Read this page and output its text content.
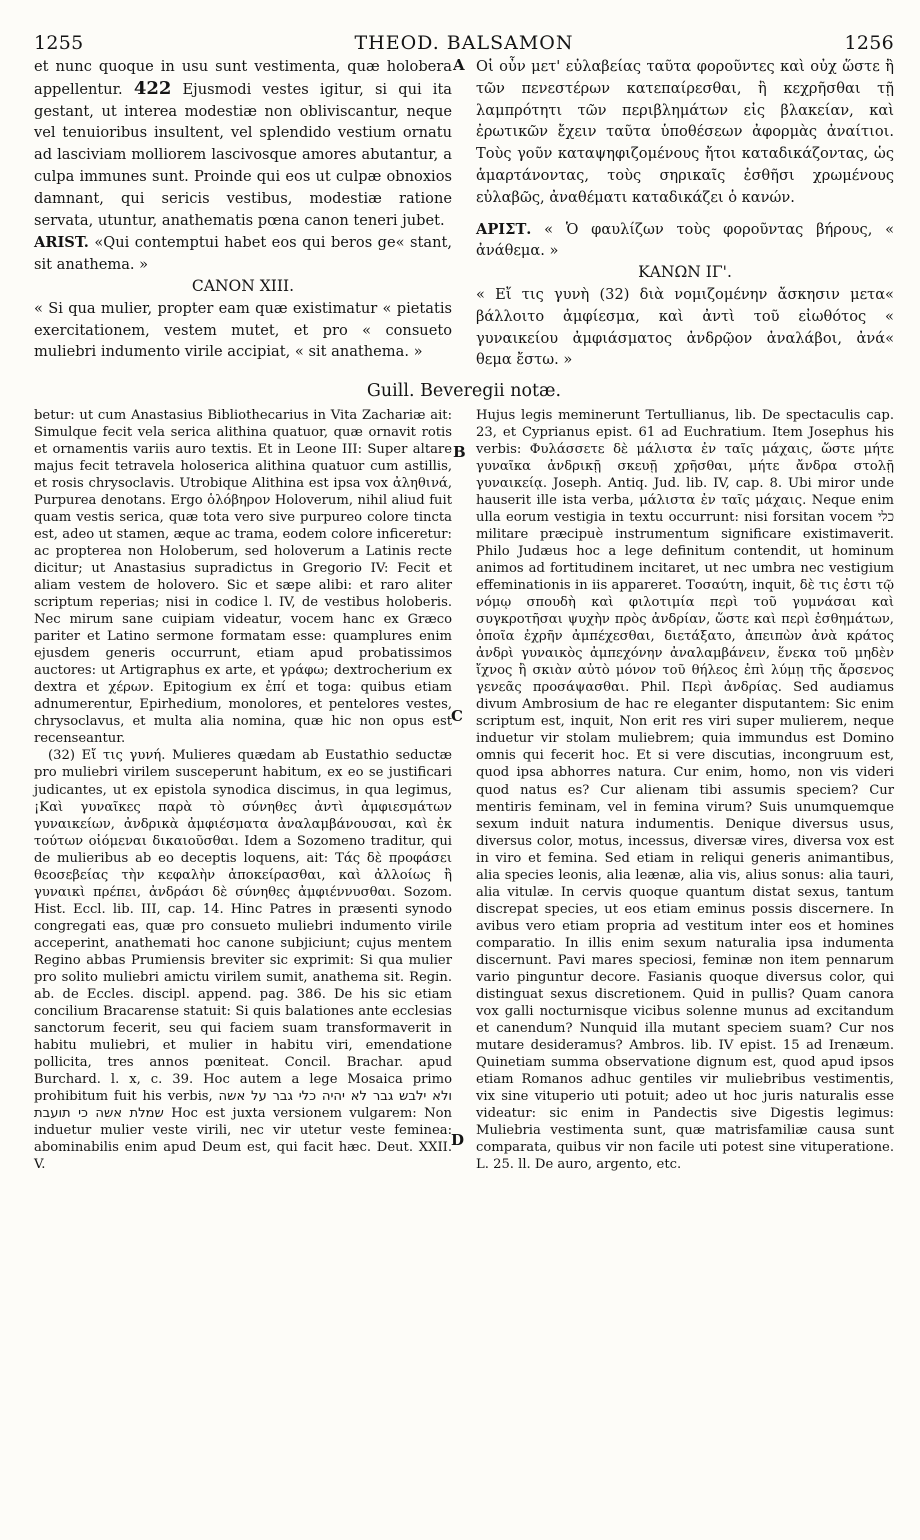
1255	THEOD. BALSAMON	1256

et nunc quoque in usu sunt vestimenta, quæ holobera appellentur. 422 Ejusmodi vestes igitur, si qui ita gestant, ut interea modestiæ non obliviscantur, neque vel tenuioribus insultent, vel splendido vestium ornatu ad lasciviam molliorem lascivosque amores abutantur, a culpa immunes sunt. Proinde qui eos ut culpæ obnoxios damnant, qui sericis vestibus, modestiæ ratione servata, utuntur, anathematis pœna canon teneri jubet.

ARIST. «Qui contemptui habet eos qui beros ge« stant, sit anathema. »

CANON XIII.

« Si qua mulier, propter eam quæ existimatur « pietatis exercitationem, vestem mutet, et pro « consueto muliebri indumento virile accipiat, « sit anathema. »

Οἱ οὖν μετ' εὐλαβείας ταῦτα φοροῦντες καὶ οὐχ ὥστε ἢ τῶν πενεστέρων κατεπαίρεσθαι, ἢ κεχρῆσθαι τῇ λαμπρότητι τῶν περιβλημάτων εἰς βλακείαν, καὶ ἐρωτικῶν ἔχειν ταῦτα ὑποθέσεων ἀφορμὰς ἀναίτιοι. Τοὺς γοῦν καταψηφιζομένους ἤτοι καταδικάζοντας, ὡς ἁμαρτάνοντας, τοὺς σηρικαῖς ἐσθῆσι χρωμένους εὐλαβῶς, ἀναθέματι καταδικάζει ὁ κανών.

ΑΡΙΣΤ. « Ὁ φαυλίζων τοὺς φοροῦντας βήρους, « ἀνάθεμα. »

ΚΑΝΩΝ ΙΓ'.

« Εἴ τις γυνὴ (32) διὰ νομιζομένην ἄσκησιν μετα« βάλλοιτο ἀμφίεσμα, καὶ ἀντὶ τοῦ εἰωθότος « γυναικείου ἀμφιάσματος ἀνδρῷον ἀναλάβοι, ἀνά« θεμα ἔστω. »

A
B
Guill. Beveregii notæ.

betur: ut cum Anastasius Bibliothecarius in Vita Zachariæ ait: Simulque fecit vela serica alithina quatuor, quæ ornavit rotis et ornamentis variis auro textis. Et in Leone III: Super altare majus fecit tetravela holoserica alithina quatuor cum astillis, et rosis chrysoclavis. Utrobique Alithina est ipsa vox ἀληθινά, Purpurea denotans. Ergo ὁλόβηρον Holoverum, nihil aliud fuit quam vestis serica, quæ tota vero sive purpureo colore tincta est, adeo ut stamen, æque ac trama, eodem colore inficeretur: ac propterea non Holoberum, sed holoverum a Latinis recte dicitur; ut Anastasius supradictus in Gregorio IV: Fecit et aliam vestem de holovero. Sic et sæpe alibi: et raro aliter scriptum reperias; nisi in codice l. IV, de vestibus holoberis. Nec mirum sane cuipiam videatur, vocem hanc ex Græco pariter et Latino sermone formatam esse: quamplures enim ejusdem generis occurrunt, etiam apud probatissimos auctores: ut Artigraphus ex arte, et γράφω; dextrocherium ex dextra et χέρων. Epitogium ex ἐπί et toga: quibus etiam adnumerentur, Epirhedium, monolores, et pentelores vestes, chrysoclavus, et multa alia nomina, quæ hic non opus est recenseantur.

(32) Εἴ τις γυνή. Mulieres quædam ab Eustathio seductæ pro muliebri virilem susceperunt habitum, ex eo se justificari judicantes, ut ex epistola synodica discimus, in qua legimus, ¡Καὶ γυναῖκες παρὰ τὸ σύνηθες ἀντὶ ἀμφιεσμάτων γυναικείων, ἀνδρικὰ ἀμφιέσματα ἀναλαμβάνουσαι, καὶ ἐκ τούτων οἰόμεναι δικαιοῦσθαι. Idem a Sozomeno traditur, qui de mulieribus ab eo deceptis loquens, ait: Τάς δὲ προφάσει θεοσεβείας τὴν κεφαλὴν ἀποκείρασθαι, καὶ ἀλλοίως ἢ γυναικὶ πρέπει, ἀνδράσι δὲ σύνηθες ἀμφιέννυσθαι. Sozom. Hist. Eccl. lib. III, cap. 14. Hinc Patres in præsenti synodo congregati eas, quæ pro consueto muliebri indumento virile acceperint, anathemati hoc canone subjiciunt; cujus mentem Regino abbas Prumiensis breviter sic exprimit: Si qua mulier pro solito muliebri amictu virilem sumit, anathema sit. Regin. ab. de Eccles. discipl. append. pag. 386. De his sic etiam concilium Bracarense statuit: Si quis balationes ante ecclesias sanctorum fecerit, seu qui faciem suam transformaverit in habitu muliebri, et mulier in habitu viri, emendatione pollicita, tres annos pœniteat. Concil. Brachar. apud Burchard. l. x, c. 39. Hoc autem a lege Mosaica primo prohibitum fuit his verbis, לא יהיה כלי גבר על אשה ולא ילבש גבר שמלת אשה כי תועבת Hoc est juxta versionem vulgarem: Non induetur mulier veste virili, nec vir utetur veste feminea: abominabilis enim apud Deum est, qui facit hæc. Deut. XXII. V.

Hujus legis meminerunt Tertullianus, lib. De spectaculis cap. 23, et Cyprianus epist. 61 ad Euchratium. Item Josephus his verbis: Φυλάσσετε δὲ μάλιστα ἐν ταῖς μάχαις, ὥστε μήτε γυναῖκα ἀνδρικῇ σκευῇ χρῆσθαι, μήτε ἄνδρα στολῇ γυναικείᾳ. Joseph. Antiq. Jud. lib. IV, cap. 8. Ubi miror unde hauserit ille ista verba, μάλιστα ἐν ταῖς μάχαις. Neque enim ulla eorum vestigia in textu occurrunt: nisi forsitan vocem כלי militare præcipuè instrumentum significare existimaverit. Philo Judæus hoc a lege definitum contendit, ut hominum animos ad fortitudinem incitaret, ut nec umbra nec vestigium effeminationis in iis appareret. Τοσαύτη, inquit, δὲ τις ἐστι τῷ νόμῳ σπουδὴ καὶ φιλοτιμία περὶ τοῦ γυμνάσαι καὶ συγκροτῆσαι ψυχὴν πρὸς ἀνδρίαν, ὥστε καὶ περὶ ἐσθημάτων, ὁποῖα ἐχρῆν ἀμπέχεσθαι, διετάξατο, ἀπειπὼν ἀνὰ κράτος ἀνδρὶ γυναικὸς ἀμπεχόνην ἀναλαμβάνειν, ἕνεκα τοῦ μηδὲν ἴχνος ἢ σκιὰν αὐτὸ μόνον τοῦ θήλεος ἐπὶ λύμῃ τῆς ἄρσενος γενεᾶς προσάψασθαι. Phil. Περὶ ἀνδρίας. Sed audiamus divum Ambrosium de hac re eleganter disputantem: Sic enim scriptum est, inquit, Non erit res viri super mulierem, neque induetur vir stolam muliebrem; quia immundus est Domino omnis qui fecerit hoc. Et si vere discutias, incongruum est, quod ipsa abhorres natura. Cur enim, homo, non vis videri quod natus es? Cur alienam tibi assumis speciem? Cur mentiris feminam, vel in femina virum? Suis unumquemque sexum induit natura indumentis. Denique diversus usus, diversus color, motus, incessus, diversæ vires, diversa vox est in viro et femina. Sed etiam in reliqui generis animantibus, alia species leonis, alia leænæ, alia vis, alius sonus: alia tauri, alia vitulæ. In cervis quoque quantum distat sexus, tantum discrepat species, ut eos etiam eminus possis discernere. In avibus vero etiam propria ad vestitum inter eos et homines comparatio. In illis enim sexum naturalia ipsa indumenta discernunt. Pavi mares speciosi, feminæ non item pennarum vario pinguntur decore. Fasianis quoque diversus color, qui distinguat sexus discretionem. Quid in pullis? Quam canora vox galli nocturnisque vicibus solenne munus ad excitandum et canendum? Nunquid illa mutant speciem suam? Cur nos mutare desideramus? Ambros. lib. IV epist. 15 ad Irenæum. Quinetiam summa observatione dignum est, quod apud ipsos etiam Romanos adhuc gentiles vir muliebribus vestimentis, vix sine vituperio uti potuit; adeo ut hoc juris naturalis esse videatur: sic enim in Pandectis sive Digestis legimus: Muliebria vestimenta sunt, quæ matrisfamiliæ causa sunt comparata, quibus vir non facile uti potest sine vituperatione. L. 25. ll. De auro, argento, etc.

C
D
